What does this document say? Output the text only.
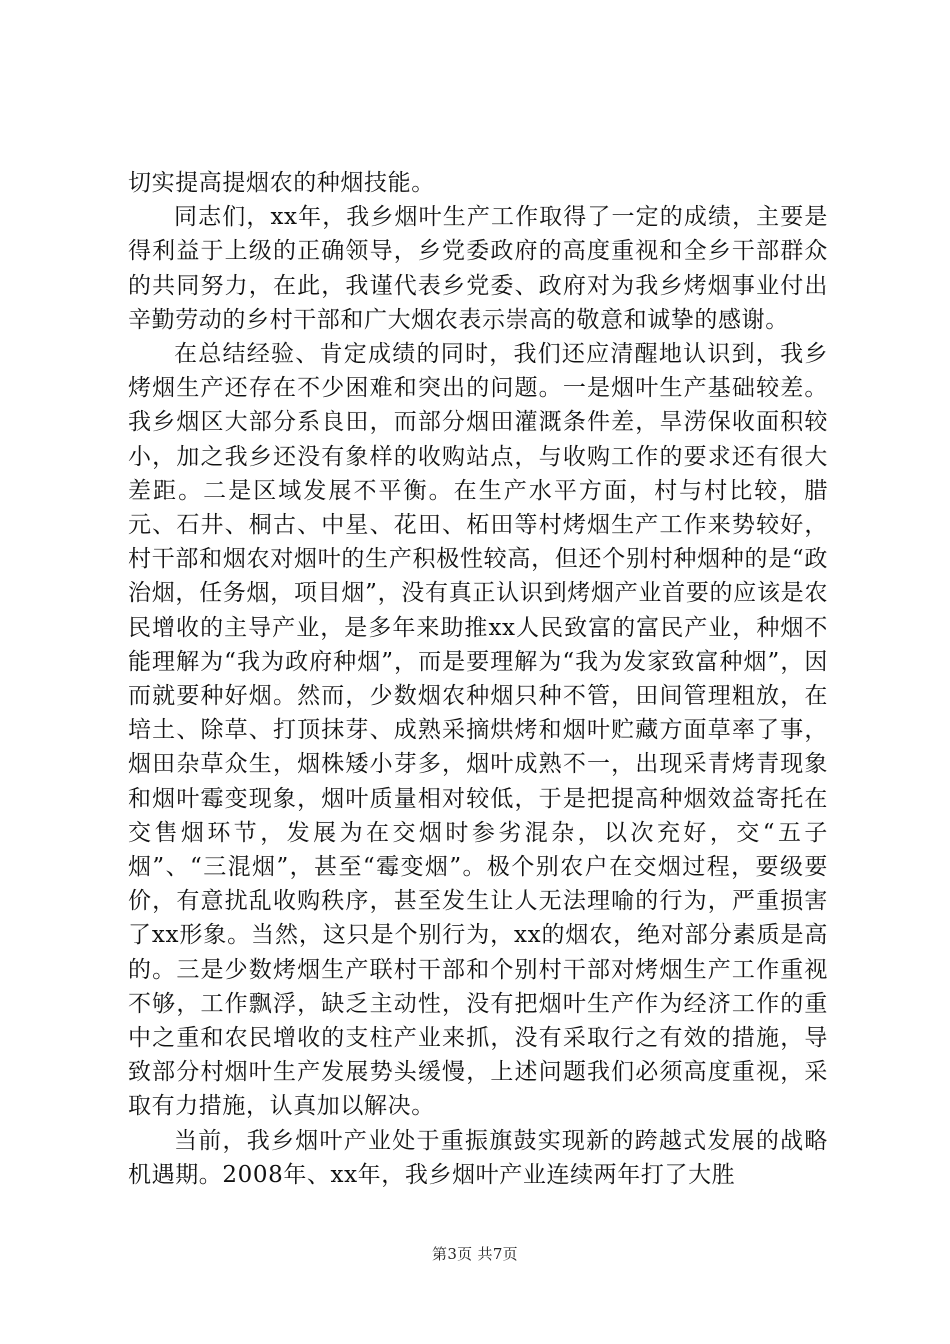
切实提高提烟农的种烟技能。

同志们，xx年，我乡烟叶生产工作取得了一定的成绩，主要是得利益于上级的正确领导，乡党委政府的高度重视和全乡干部群众的共同努力，在此，我谨代表乡党委、政府对为我乡烤烟事业付出辛勤劳动的乡村干部和广大烟农表示崇高的敬意和诚挚的感谢。

在总结经验、肯定成绩的同时，我们还应清醒地认识到，我乡烤烟生产还存在不少困难和突出的问题。一是烟叶生产基础较差。我乡烟区大部分系良田，而部分烟田灌溉条件差，旱涝保收面积较小，加之我乡还没有象样的收购站点，与收购工作的要求还有很大差距。二是区域发展不平衡。在生产水平方面，村与村比较，腊元、石井、桐古、中星、花田、柘田等村烤烟生产工作来势较好，村干部和烟农对烟叶的生产积极性较高，但还个别村种烟种的是“政治烟，任务烟，项目烟”，没有真正认识到烤烟产业首要的应该是农民增收的主导产业，是多年来助推xx人民致富的富民产业，种烟不能理解为“我为政府种烟”，而是要理解为“我为发家致富种烟”，因而就要种好烟。然而，少数烟农种烟只种不管，田间管理粗放，在培土、除草、打顶抹芽、成熟采摘烘烤和烟叶贮藏方面草率了事，烟田杂草众生，烟株矮小芽多，烟叶成熟不一，出现采青烤青现象和烟叶霉变现象，烟叶质量相对较低，于是把提高种烟效益寄托在交售烟环节，发展为在交烟时参劣混杂，以次充好，交“五子烟”、“三混烟”，甚至“霉变烟”。极个别农户在交烟过程，要级要价，有意扰乱收购秩序，甚至发生让人无法理喻的行为，严重损害了xx形象。当然，这只是个别行为，xx的烟农，绝对部分素质是高的。三是少数烤烟生产联村干部和个别村干部对烤烟生产工作重视不够，工作飘浮，缺乏主动性，没有把烟叶生产作为经济工作的重中之重和农民增收的支柱产业来抓，没有采取行之有效的措施，导致部分村烟叶生产发展势头缓慢，上述问题我们必须高度重视，采取有力措施，认真加以解决。

当前，我乡烟叶产业处于重振旗鼓实现新的跨越式发展的战略机遇期。2008年、xx年，我乡烟叶产业连续两年打了大胜

第3页 共7页
